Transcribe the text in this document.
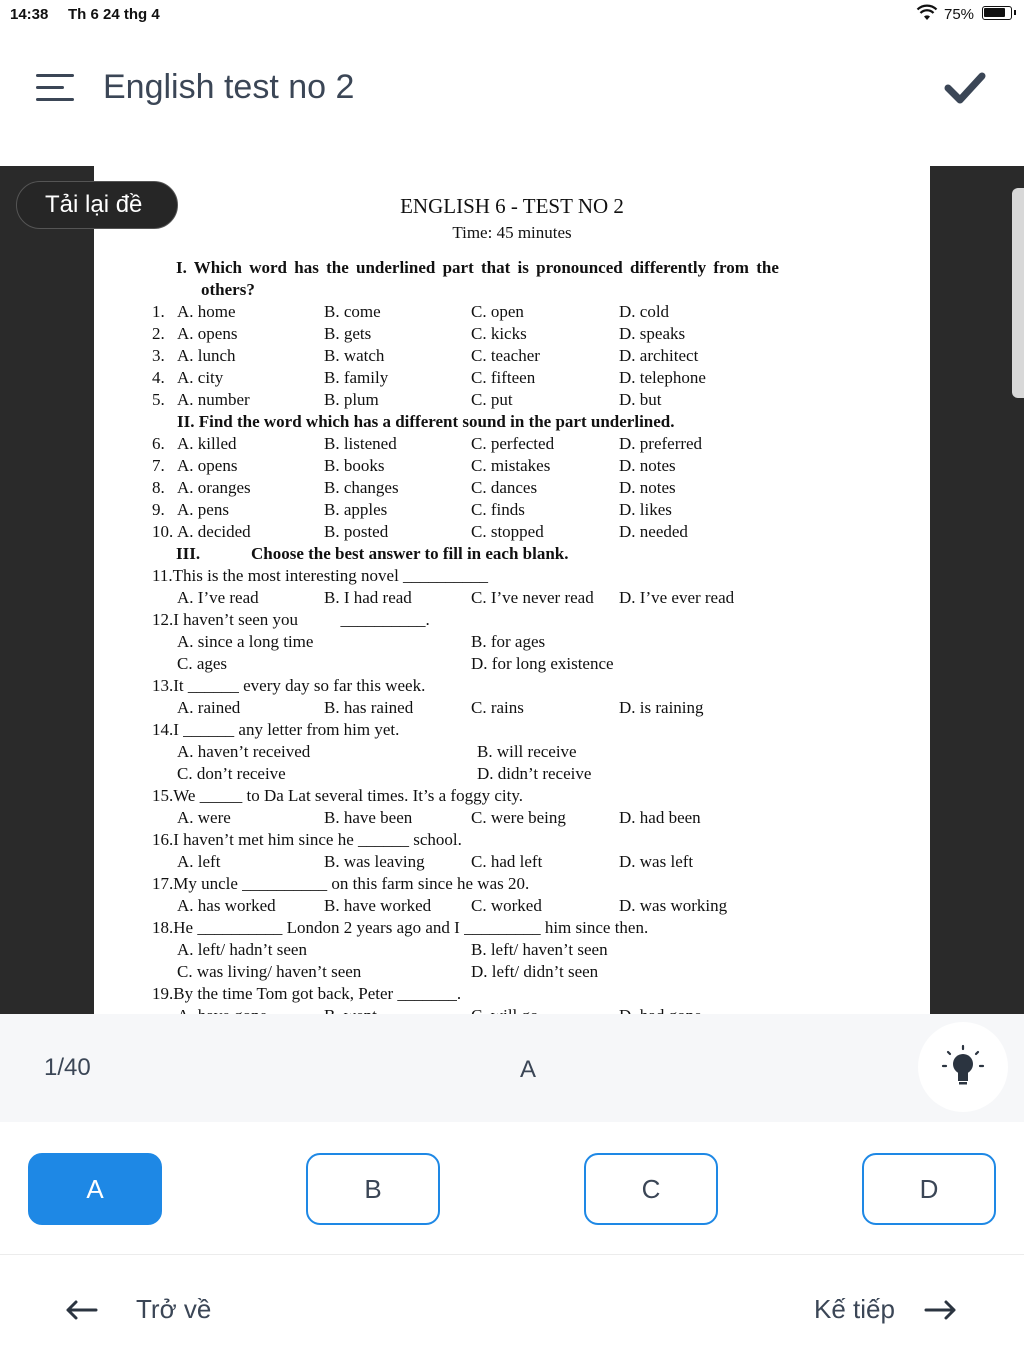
14:38 Th 6 24 thg 4	75%
English test no 2
ENGLISH 6 - TEST NO 2
Time: 45 minutes
I. Which word has the underlined part that is pronounced differently from the
others?
1. A. home	B. come	C. open	D. cold
2. A. opens	B. gets	C. kicks	D. speaks
3. A. lunch	B. watch	C. teacher	D. architect
4. A. city	B. family	C. fifteen	D. telephone
5. A. number	B. plum	C. put	D. but
II. Find the word which has a different sound in the part underlined.
6. A. killed	B. listened	C. perfected	D. preferred
7. A. opens	B. books	C. mistakes	D. notes
8. A. oranges	B. changes	C. dances	D. notes
9. A. pens	B. apples	C. finds	D. likes
10. A. decided	B. posted	C. stopped	D. needed
III.	Choose the best answer to fill in each blank.
11.This is the most interesting novel __________
A. I’ve read	B. I had read	C. I’ve never read D. I’ve ever read
12.I haven’t seen you          __________.
A. since a long time	B. for ages
C. ages	D. for long existence
13.It ______ every day so far this week.
A. rained	B. has rained	C. rains	D. is raining
14.I ______ any letter from him yet.
A. haven’t received	B. will receive
C. don’t receive	D. didn’t receive
15.We _____ to Da Lat several times. It’s a foggy city.
A. were	B. have been	C. were being	D. had been
16.I haven’t met him since he ______ school.
A. left	B. was leaving	C. had left	D. was left
17.My uncle __________ on this farm since he was 20.
A. has worked	B. have worked C. worked	D. was working
18.He __________ London 2 years ago and I _________ him since then.
A. left/ hadn’t seen	B. left/ haven’t seen
C. was living/ haven’t seen	D. left/ didn’t seen
19.By the time Tom got back, Peter _______.
Tải lại đề
1/40	A
A	B	C	D
Trở về	Kế tiếp
